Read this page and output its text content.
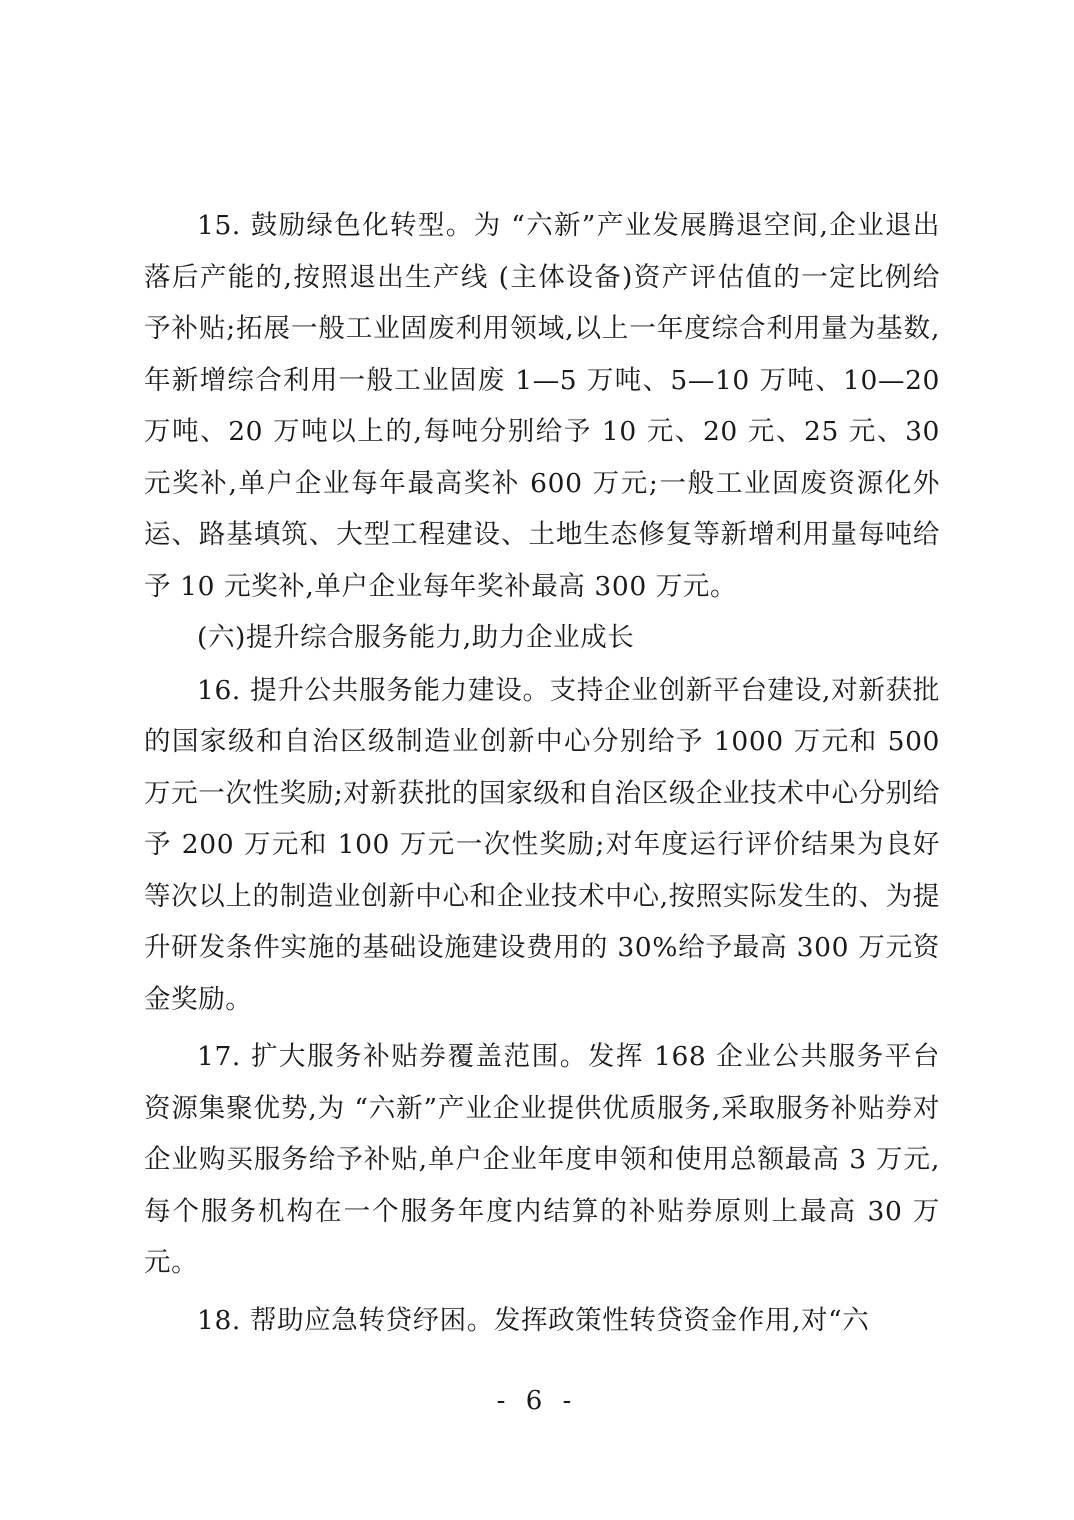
15. 鼓励绿色化转型。为 “六新”产业发展腾退空间,企业退出落后产能的,按照退出生产线 (主体设备)资产评估值的一定比例给予补贴;拓展一般工业固废利用领域,以上一年度综合利用量为基数,年新增综合利用一般工业固废 1—5 万吨、5—10 万吨、10—20 万吨、20 万吨以上的,每吨分别给予 10 元、20 元、25 元、30 元奖补,单户企业每年最高奖补 600 万元;一般工业固废资源化外运、路基填筑、大型工程建设、土地生态修复等新增利用量每吨给予 10 元奖补,单户企业每年奖补最高 300 万元。

(六)提升综合服务能力,助力企业成长

16. 提升公共服务能力建设。支持企业创新平台建设,对新获批的国家级和自治区级制造业创新中心分别给予 1000 万元和 500 万元一次性奖励;对新获批的国家级和自治区级企业技术中心分别给予 200 万元和 100 万元一次性奖励;对年度运行评价结果为良好等次以上的制造业创新中心和企业技术中心,按照实际发生的、为提升研发条件实施的基础设施建设费用的 30%给予最高 300 万元资金奖励。

17. 扩大服务补贴券覆盖范围。发挥 168 企业公共服务平台资源集聚优势,为 “六新”产业企业提供优质服务,采取服务补贴券对企业购买服务给予补贴,单户企业年度申领和使用总额最高 3 万元,每个服务机构在一个服务年度内结算的补贴券原则上最高 30 万元。

18. 帮助应急转贷纾困。发挥政策性转贷资金作用,对“六

- 6 -
